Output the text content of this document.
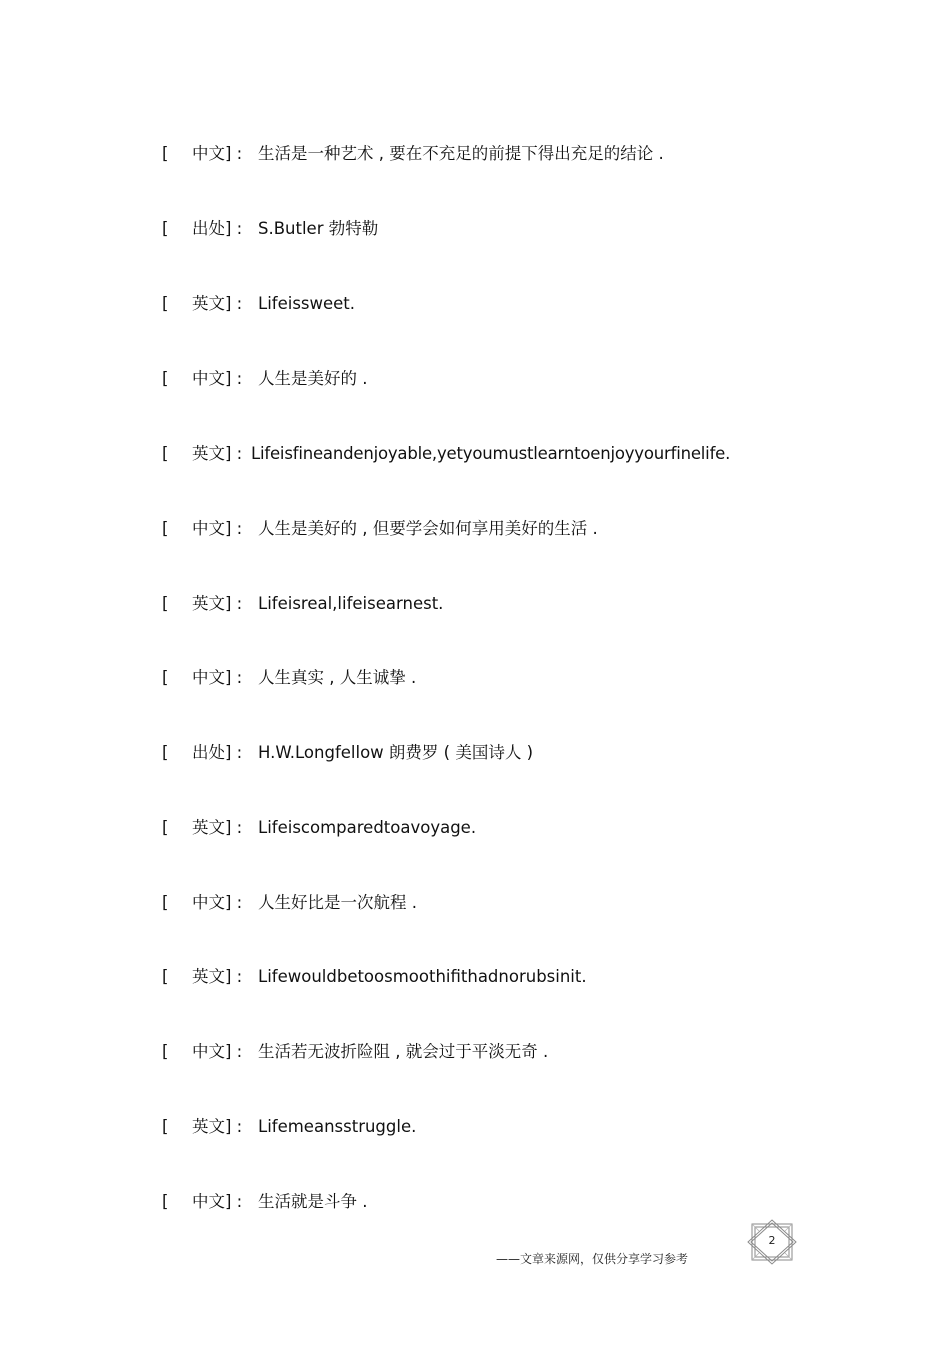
[ 中文] : 生活是一种艺术 , 要在不充足的前提下得出充足的结论 .
[ 出处] : S.Butler 勃特勒
[ 英文] : Lifeissweet.
[ 中文] : 人生是美好的 .
[ 英文] : Lifeisfineandenjoyable,yetyoumustlearntoenjoyyourfinelife.
[ 中文] : 人生是美好的 , 但要学会如何享用美好的生活 .
[ 英文] : Lifeisreal,lifeisearnest.
[ 中文] : 人生真实 , 人生诚挚 .
[ 出处] : H.W.Longfellow 朗费罗 ( 美国诗人 )
[ 英文] : Lifeiscomparedtoavoyage.
[ 中文] : 人生好比是一次航程 .
[ 英文] : Lifewouldbetoosmoothifithadnorubsinit.
[ 中文] : 生活若无波折险阻 , 就会过于平淡无奇 .
[ 英文] : Lifemeansstruggle.
[ 中文] : 生活就是斗争 .
——文章来源网，仅供分享学习参考
2
